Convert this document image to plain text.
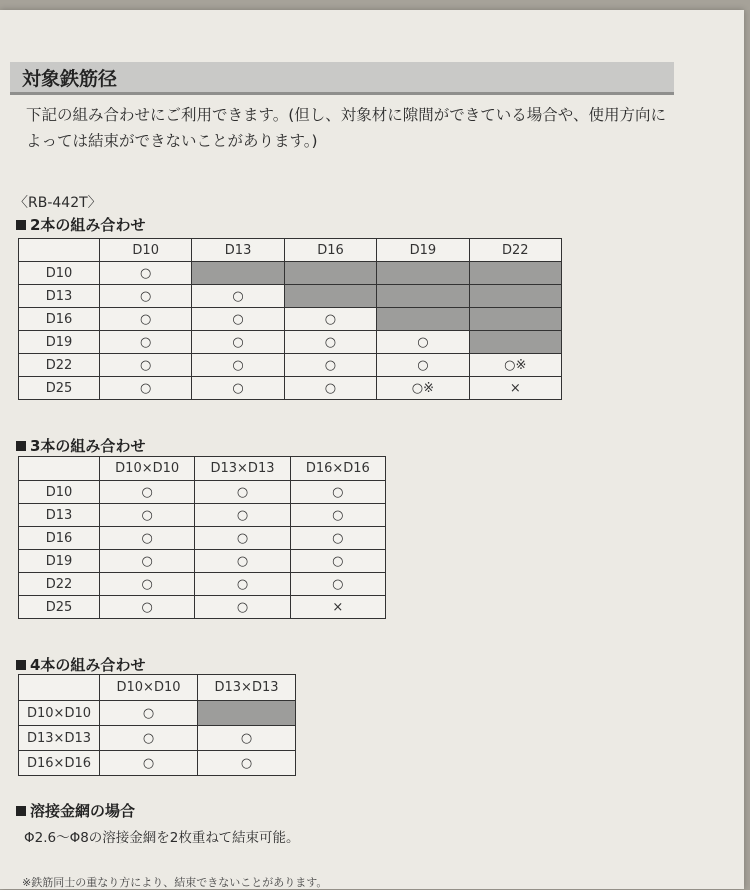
対象鉄筋径
下記の組み合わせにご利用できます。(但し、対象材に隙間ができている場合や、使用方向によっては結束ができないことがあります。)
〈RB-442T〉
2本の組み合わせ
	D10	D13	D16	D19	D22
D10	○				
D13	○	○			
D16	○	○	○		
D19	○	○	○	○	
D22	○	○	○	○	○※
D25	○	○	○	○※	×
3本の組み合わせ
	D10×D10	D13×D13	D16×D16
D10	○	○	○
D13	○	○	○
D16	○	○	○
D19	○	○	○
D22	○	○	○
D25	○	○	×
4本の組み合わせ
	D10×D10	D13×D13
D10×D10	○	
D13×D13	○	○
D16×D16	○	○
溶接金網の場合
Φ2.6～Φ8の溶接金網を2枚重ねて結束可能。
※鉄筋同士の重なり方により、結束できないことがあります。
